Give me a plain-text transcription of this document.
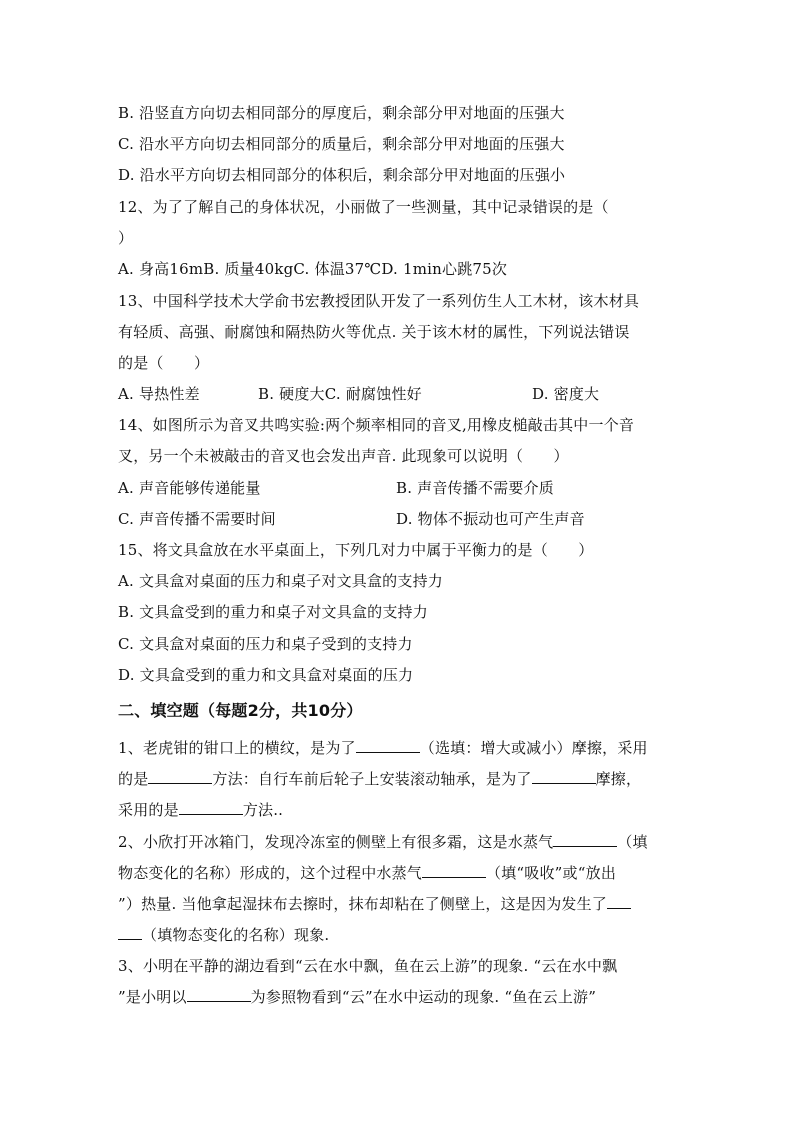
B. 沿竖直方向切去相同部分的厚度后，剩余部分甲对地面的压强大
C. 沿水平方向切去相同部分的质量后，剩余部分甲对地面的压强大
D. 沿水平方向切去相同部分的体积后，剩余部分甲对地面的压强小
12、为了了解自己的身体状况，小丽做了一些测量，其中记录错误的是（
）
A. 身高16mB. 质量40kgC. 体温37℃D. 1min心跳75次
13、中国科学技术大学俞书宏教授团队开发了一系列仿生人工木材，该木材具
有轻质、高强、耐腐蚀和隔热防火等优点. 关于该木材的属性，下列说法错误
的是（　　）
A. 导热性差	B. 硬度大C. 耐腐蚀性好	D. 密度大
14、如图所示为音叉共鸣实验:两个频率相同的音叉,用橡皮槌敲击其中一个音
叉，另一个未被敲击的音叉也会发出声音. 此现象可以说明（　　）
A. 声音能够传递能量	B. 声音传播不需要介质
C. 声音传播不需要时间	D. 物体不振动也可产生声音
15、将文具盒放在水平桌面上，下列几对力中属于平衡力的是（　　）
A. 文具盒对桌面的压力和桌子对文具盒的支持力
B. 文具盒受到的重力和桌子对文具盒的支持力
C. 文具盒对桌面的压力和桌子受到的支持力
D. 文具盒受到的重力和文具盒对桌面的压力
二、填空题（每题2分，共10分）
1、老虎钳的钳口上的横纹，是为了	（选填：增大或减小）摩擦，采用
的是	方法：自行车前后轮子上安装滚动轴承，是为了	摩擦，
采用的是	方法..
2、小欣打开冰箱门，发现冷冻室的侧壁上有很多霜，这是水蒸气	（填
物态变化的名称）形成的，这个过程中水蒸气	（填“吸收”或“放出
”）热量. 当他拿起湿抹布去擦时，抹布却粘在了侧壁上，这是因为发生了
（填物态变化的名称）现象.
3、小明在平静的湖边看到“云在水中飘，鱼在云上游”的现象. “云在水中飘
”是小明以	为参照物看到“云”在水中运动的现象. “鱼在云上游”
